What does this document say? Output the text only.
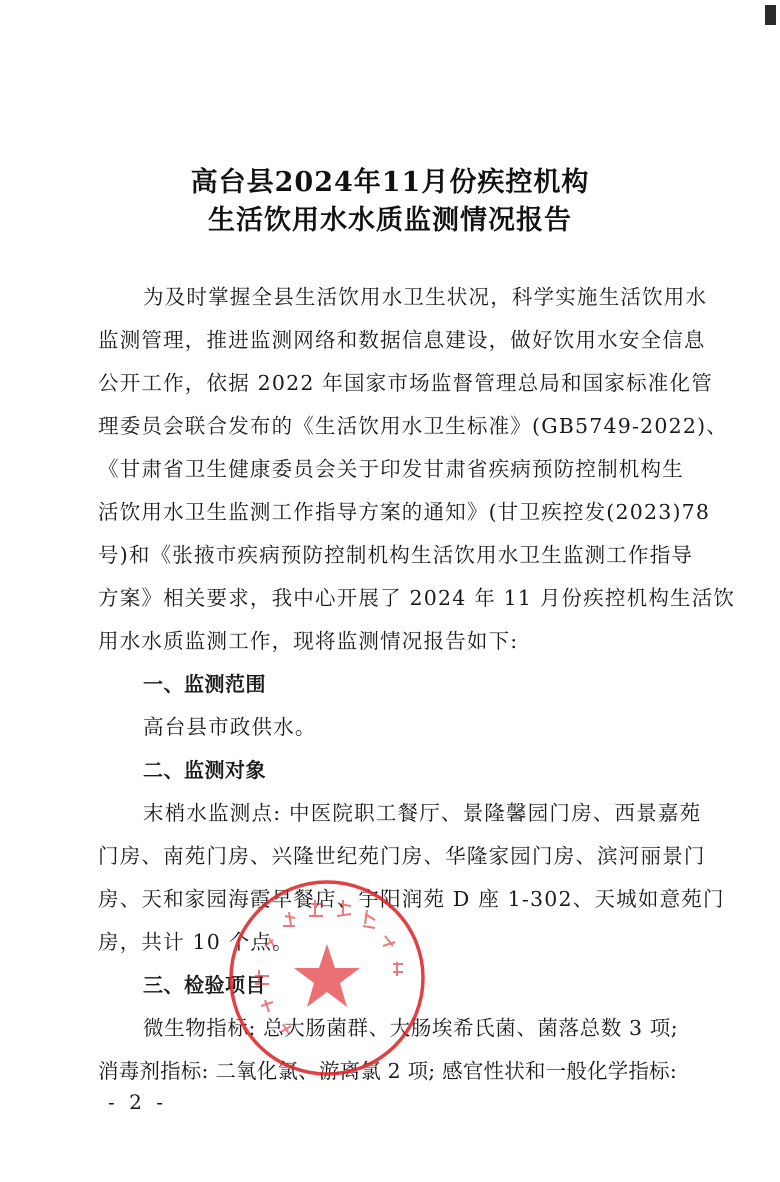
高台县2024年11月份疾控机构
生活饮用水水质监测情况报告
为及时掌握全县生活饮用水卫生状况，科学实施生活饮用水
监测管理，推进监测网络和数据信息建设，做好饮用水安全信息
公开工作，依据 2022 年国家市场监督管理总局和国家标准化管
理委员会联合发布的《生活饮用水卫生标准》(GB5749-2022)、
《甘肃省卫生健康委员会关于印发甘肃省疾病预防控制机构生
活饮用水卫生监测工作指导方案的通知》(甘卫疾控发(2023)78
号)和《张掖市疾病预防控制机构生活饮用水卫生监测工作指导
方案》相关要求，我中心开展了 2024 年 11 月份疾控机构生活饮
用水水质监测工作，现将监测情况报告如下:
一、监测范围
高台县市政供水。
二、监测对象
末梢水监测点: 中医院职工餐厅、景隆馨园门房、西景嘉苑
门房、南苑门房、兴隆世纪苑门房、华隆家园门房、滨河丽景门
房、天和家园海霞早餐店、宇阳润苑 D 座 1-302、天城如意苑门
房，共计 10 个点。
三、检验项目
微生物指标: 总大肠菌群、大肠埃希氏菌、菌落总数 3 项;
消毒剂指标: 二氧化氯、游离氯 2 项; 感官性状和一般化学指标:
- 2 -
